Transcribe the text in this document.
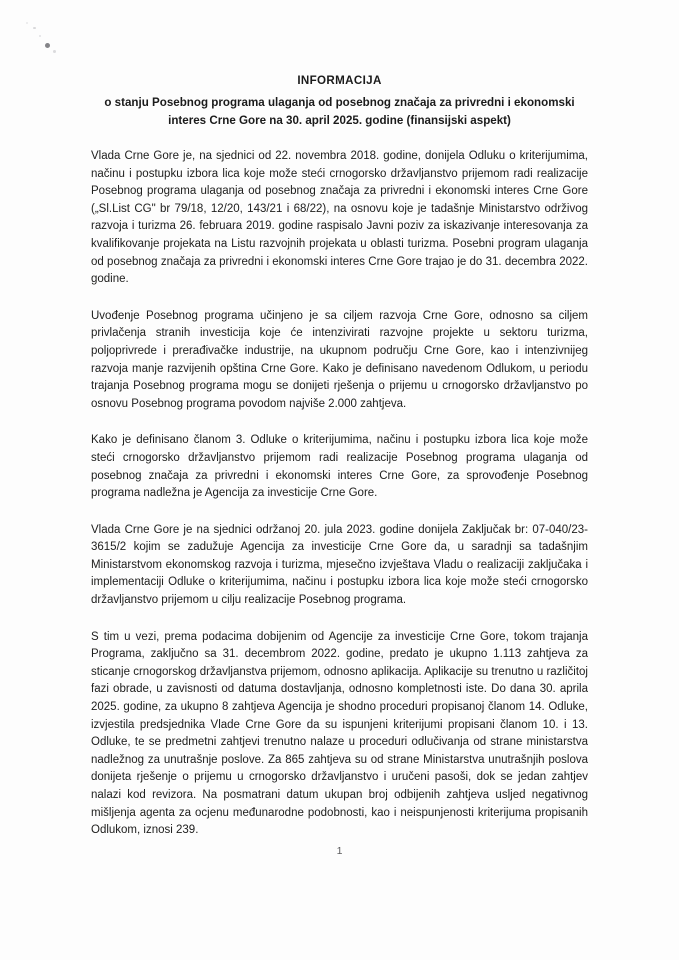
INFORMACIJA
o stanju Posebnog programa ulaganja od posebnog značaja za privredni i ekonomski interes Crne Gore na 30. april 2025. godine (finansijski aspekt)

Vlada Crne Gore je, na sjednici od 22. novembra 2018. godine, donijela Odluku o kriterijumima, načinu i postupku izbora lica koje može steći crnogorsko državljanstvo prijemom radi realizacije Posebnog programa ulaganja od posebnog značaja za privredni i ekonomski interes Crne Gore („Sl.List CG" br 79/18, 12/20, 143/21 i 68/22), na osnovu koje je tadašnje Ministarstvo održivog razvoja i turizma 26. februara 2019. godine raspisalo Javni poziv za iskazivanje interesovanja za kvalifikovanje projekata na Listu razvojnih projekata u oblasti turizma. Posebni program ulaganja od posebnog značaja za privredni i ekonomski interes Crne Gore trajao je do 31. decembra 2022. godine.

Uvođenje Posebnog programa učinjeno je sa ciljem razvoja Crne Gore, odnosno sa ciljem privlačenja stranih investicija koje će intenzivirati razvojne projekte u sektoru turizma, poljoprivrede i prerađivačke industrije, na ukupnom području Crne Gore, kao i intenzivnijeg razvoja manje razvijenih opština Crne Gore. Kako je definisano navedenom Odlukom, u periodu trajanja Posebnog programa mogu se donijeti rješenja o prijemu u crnogorsko državljanstvo po osnovu Posebnog programa povodom najviše 2.000 zahtjeva.

Kako je definisano članom 3. Odluke o kriterijumima, načinu i postupku izbora lica koje može steći crnogorsko državljanstvo prijemom radi realizacije Posebnog programa ulaganja od posebnog značaja za privredni i ekonomski interes Crne Gore, za sprovođenje Posebnog programa nadležna je Agencija za investicije Crne Gore.

Vlada Crne Gore je na sjednici održanoj 20. jula 2023. godine donijela Zaključak br: 07-040/23-3615/2 kojim se zadužuje Agencija za investicije Crne Gore da, u saradnji sa tadašnjim Ministarstvom ekonomskog razvoja i turizma, mjesečno izvještava Vladu o realizaciji zaključaka i implementaciji Odluke o kriterijumima, načinu i postupku izbora lica koje može steći crnogorsko državljanstvo prijemom u cilju realizacije Posebnog programa.

S tim u vezi, prema podacima dobijenim od Agencije za investicije Crne Gore, tokom trajanja Programa, zaključno sa 31. decembrom 2022. godine, predato je ukupno 1.113 zahtjeva za sticanje crnogorskog državljanstva prijemom, odnosno aplikacija. Aplikacije su trenutno u različitoj fazi obrade, u zavisnosti od datuma dostavljanja, odnosno kompletnosti iste. Do dana 30. aprila 2025. godine, za ukupno 8 zahtjeva Agencija je shodno proceduri propisanoj članom 14. Odluke, izvjestila predsjednika Vlade Crne Gore da su ispunjeni kriterijumi propisani članom 10. i 13. Odluke, te se predmetni zahtjevi trenutno nalaze u proceduri odlučivanja od strane ministarstva nadležnog za unutrašnje poslove. Za 865 zahtjeva su od strane Ministarstva unutrašnjih poslova donijeta rješenje o prijemu u crnogorsko državljanstvo i uručeni pasoši, dok se jedan zahtjev nalazi kod revizora. Na posmatrani datum ukupan broj odbijenih zahtjeva usljed negativnog mišljenja agenta za ocjenu međunarodne podobnosti, kao i neispunjenosti kriterijuma propisanih Odlukom, iznosi 239.

1
